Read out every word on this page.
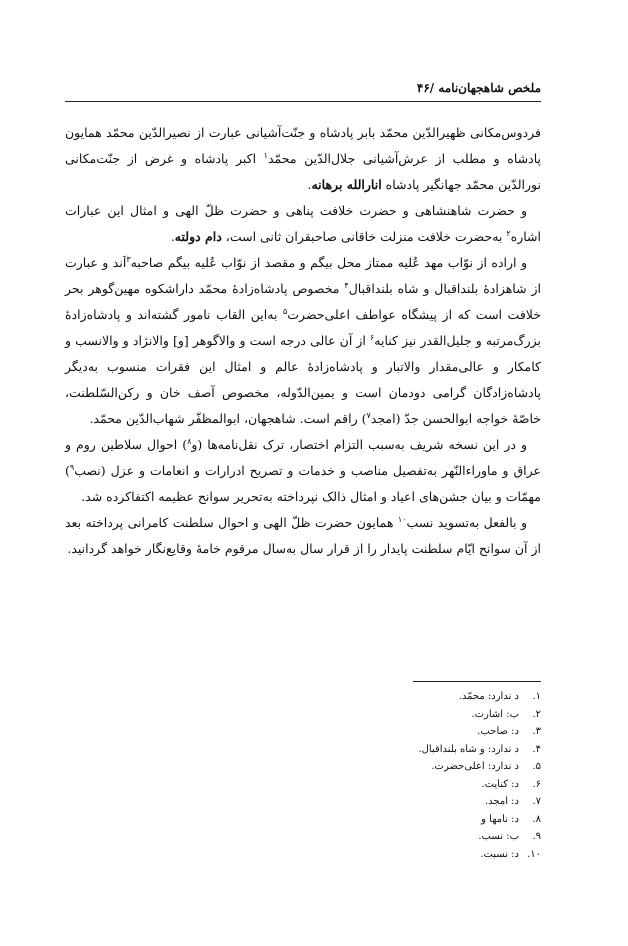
ملخص شاهجهان‌نامه /۴۶

فردوس‌مکانی ظهیرالدّین محمّد بابر پادشاه و جنّت‌آشیانی عبارت از نصیرالدّین محمّد همایون پادشاه و مطلب از عرش‌آشیانی جلال‌الدّین محمّد$^۱$ اکبر پادشاه و غرض از جنّت‌مکانی نورالدّین محمّد جهانگیر پادشاه انارالله برهانه.

و حضرت شاهنشاهی و حضرت خلافت پناهی و حضرت ظلّ الهی و امثال این عبارات اشاره$^۲$ به‌حضرت خلافت منزلت خاقانی صاحبقران ثانی است، دام دولته.

و اراده از نوّاب مهد عُلیه ممتاز محل بیگم و مقصد از نوّاب عُلیه بیگم صاحبه$^۳$اَند و عبارت از شاهزادهٔ بلنداقبال و شاه بلنداقبال$^۴$ مخصوص پادشاه‌زادهٔ محمّد داراشکوه مهین‌گوهر بحر خلافت است که از پیشگاه عواطف اعلی‌حضرت$^۵$ به‌این القاب نامور گشته‌اند و پادشاه‌زادهٔ بزرگ‌مرتبه و جلیل‌القدر نیز کنایه$^۶$ از آن عالی درجه است و والاگوهر [و] والانژاد و والانسب و کامکار و عالی‌مقدار والاتبار و پادشاه‌زادهٔ عالم و امثال این فقرات منسوب به‌دیگر پادشاه‌زادگان گرامی دودمان است و یمین‌الدّوله، مخصوص آصف خان و رکن‌السّلطنت، خاصّهٔ خواجه ابوالحسن جدّ (امجد$^۷$) راقم است. شاهجهان، ابوالمظفّر شهاب‌الدّین محمّد.

و در این نسخه شریف به‌سبب التزام اختصار، ترک نقل‌نامه‌ها (و$^۸$) احوال سلاطین روم و عراق و ماوراءالنّهر به‌تفصیل مناصب و خدمات و تصریح ادرارات و انعامات و عزل (نصب$^۹$) مهمّات و بیان جشن‌های اعیاد و امثال ذالک نپرداخته به‌تحریر سوانح عظیمه اکتفاکرده شد.

و بالفعل به‌تسوید نسب$^{۱۰}$ همایون حضرت ظلّ الهی و احوال سلطنت کامرانی پرداخته بعد از آن سوانح ایّام سلطنت پایدار را از قرار سال به‌سال مرقوم خامهٔ وقایع‌نگار خواهد گردانید.

۱.
د ندارد: محمّد.
۲.
ب: اشارت.
۳.
د: صاحب.
۴.
د ندارد: و شاه بلنداقبال.
۵.
د ندارد: اعلی‌حضرت.
۶.
د: کنایت.
۷.
د: امجد.
۸.
د: نامها و
۹.
ب: نسب.
۱۰.
د: نسبت.
